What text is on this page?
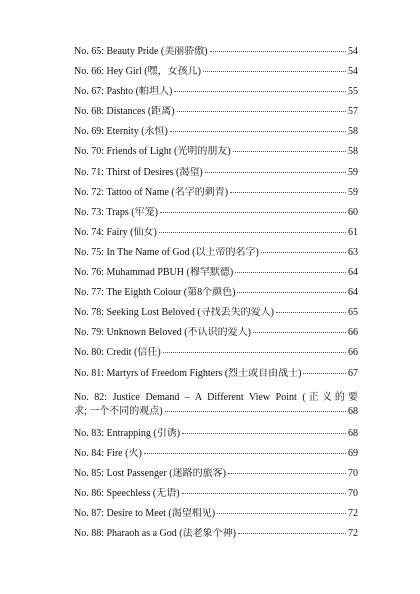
No. 65: Beauty Pride (美丽骄傲)	54
No. 66: Hey Girl (嘿，女孩儿)	54
No. 67: Pashto (帕坦人)	55
No. 68: Distances (距离)	57
No. 69: Eternity (永恒)	58
No. 70: Friends of Light (光明的朋友)	58
No. 71: Thirst of Desires (渴望)	59
No. 72: Tattoo of Name (名字的刺青)	59
No. 73: Traps (牢笼)	60
No. 74: Fairy (仙女)	61
No. 75: In The Name of God (以上帝的名字)	63
No. 76: Muhammad PBUH (穆罕默德)	64
No. 77: The Eighth Colour (第8个颜色)	64
No. 78: Seeking Lost Beloved (寻找丢失的爱人)	65
No. 79: Unknown Beloved (不认识的爱人)	66
No. 80: Credit (信任)	66
No. 81: Martyrs of Freedom Fighters (烈士或自由战士)	67
No. 82: Justice Demand – A Different View Point (正义的要
求; 一个不同的观点)	68
No. 83: Entrapping (引诱)	68
No. 84: Fire (火)	69
No. 85: Lost Passenger (迷路的旅客)	70
No. 86: Speechless (无语)	70
No. 87: Desire to Meet (渴望相见)	72
No. 88: Pharaoh as a God (法老象个神)	72
